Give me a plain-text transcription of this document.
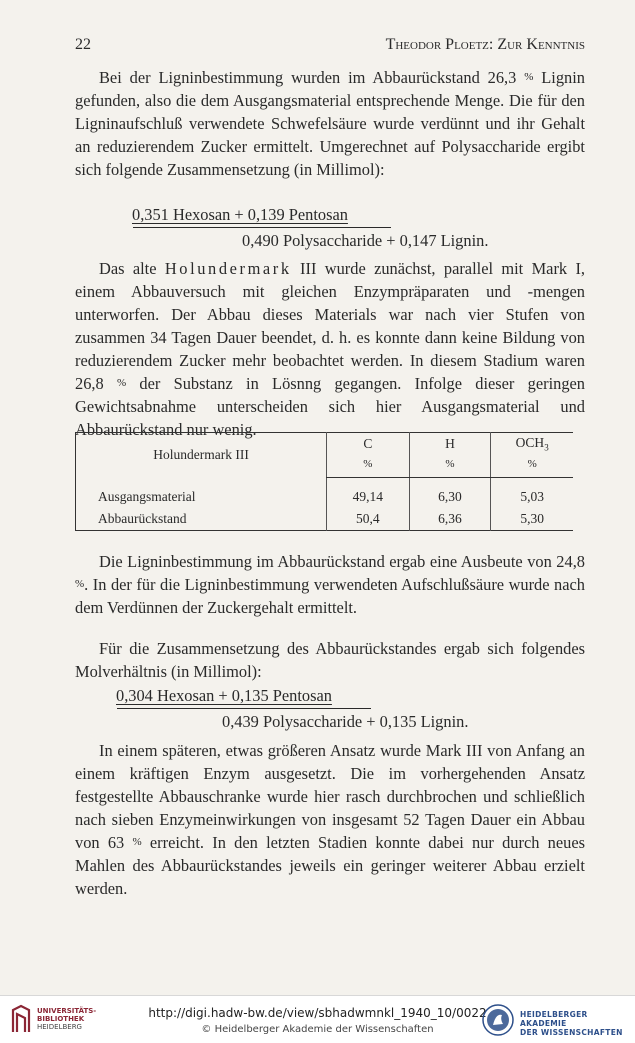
22	Theodor Ploetz: Zur Kenntnis

Bei der Ligninbestimmung wurden im Abbaurückstand 26,3 % Lignin gefunden, also die dem Ausgangsmaterial entsprechende Menge. Die für den Ligninaufschluß verwendete Schwefelsäure wurde verdünnt und ihr Gehalt an reduzierendem Zucker ermittelt. Umgerechnet auf Polysaccharide ergibt sich folgende Zusammensetzung (in Millimol):

0,351 Hexosan + 0,139 Pentosan
0,490 Polysaccharide + 0,147 Lignin.

Das alte Holundermark III wurde zunächst, parallel mit Mark I, einem Abbauversuch mit gleichen Enzympräparaten und -mengen unterworfen. Der Abbau dieses Materials war nach vier Stufen von zusammen 34 Tagen Dauer beendet, d. h. es konnte dann keine Bildung von reduzierendem Zucker mehr beobachtet werden. In diesem Stadium waren 26,8 % der Substanz in Lösnng gegangen. Infolge dieser geringen Gewichtsabnahme unterscheiden sich hier Ausgangsmaterial und Abbaurückstand nur wenig.

Holundermark III	C	H	$OCH_3$
	%	%	%
Ausgangsmaterial	49,14	6,30	5,03
Abbaurückstand	50,4	6,36	5,30

Die Ligninbestimmung im Abbaurückstand ergab eine Ausbeute von 24,8 %. In der für die Ligninbestimmung verwendeten Aufschlußsäure wurde nach dem Verdünnen der Zuckergehalt ermittelt.

Für die Zusammensetzung des Abbaurückstandes ergab sich folgendes Molverhältnis (in Millimol):

0,304 Hexosan + 0,135 Pentosan
0,439 Polysaccharide + 0,135 Lignin.

In einem späteren, etwas größeren Ansatz wurde Mark III von Anfang an einem kräftigen Enzym ausgesetzt. Die im vorhergehenden Ansatz festgestellte Abbauschranke wurde hier rasch durchbrochen und schließlich nach sieben Enzymeinwirkungen von insgesamt 52 Tagen Dauer ein Abbau von 63 % erreicht. In den letzten Stadien konnte dabei nur durch neues Mahlen des Abbaurückstandes jeweils ein geringer weiterer Abbau erzielt werden.

UNIVERSITÄTS-
BIBLIOTHEK
HEIDELBERG
http://digi.hadw-bw.de/view/sbhadwmnkl_1940_10/0022
© Heidelberger Akademie der Wissenschaften
HEIDELBERGER AKADEMIE
DER WISSENSCHAFTEN
